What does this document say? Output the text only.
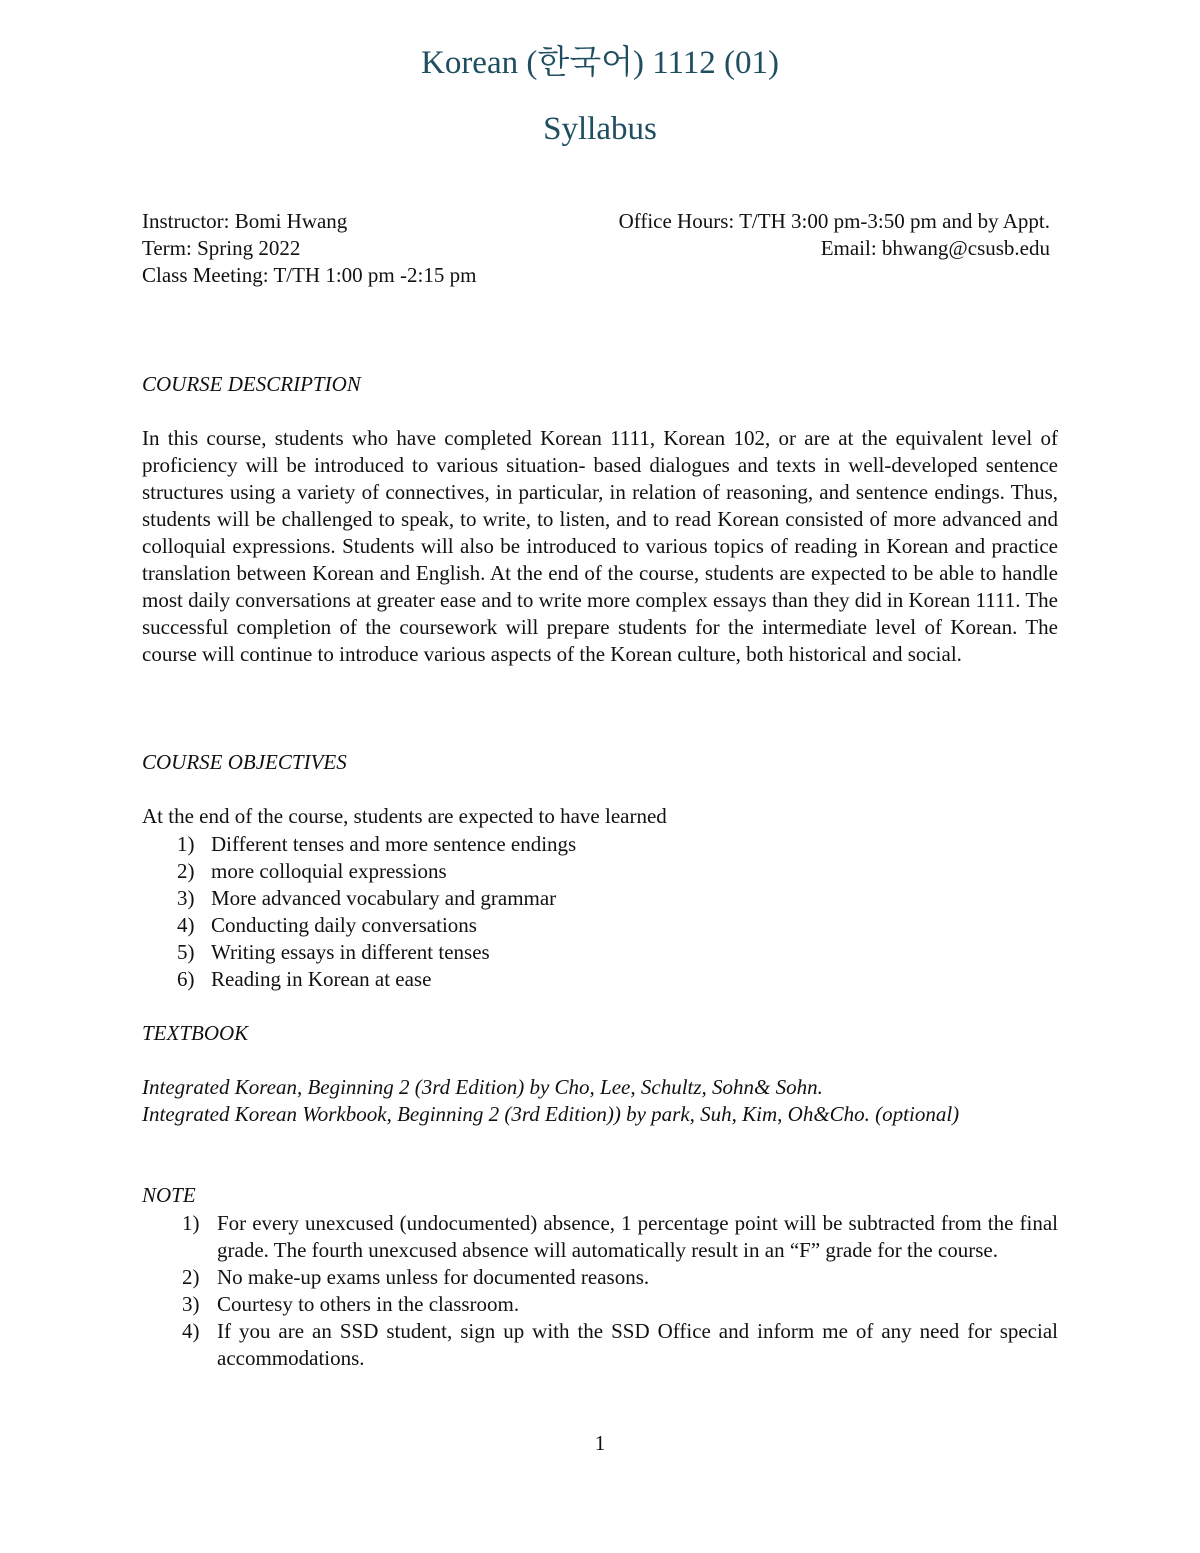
Korean (한국어) 1112 (01)
Syllabus
Instructor: Bomi Hwang
Term: Spring 2022
Class Meeting: T/TH 1:00 pm -2:15 pm
Office Hours: T/TH 3:00 pm-3:50 pm and by Appt.
Email: bhwang@csusb.edu
COURSE DESCRIPTION

In this course, students who have completed Korean 1111, Korean 102, or are at the equivalent level of proficiency will be introduced to various situation- based dialogues and texts in well-developed sentence structures using a variety of connectives, in particular, in relation of reasoning, and sentence endings. Thus, students will be challenged to speak, to write, to listen, and to read Korean consisted of more advanced and colloquial expressions. Students will also be introduced to various topics of reading in Korean and practice translation between Korean and English. At the end of the course, students are expected to be able to handle most daily conversations at greater ease and to write more complex essays than they did in Korean 1111. The successful completion of the coursework will prepare students for the intermediate level of Korean. The course will continue to introduce various aspects of the Korean culture, both historical and social.

COURSE OBJECTIVES
At the end of the course, students are expected to have learned
1) Different tenses and more sentence endings
2) more colloquial expressions
3) More advanced vocabulary and grammar
4) Conducting daily conversations
5) Writing essays in different tenses
6) Reading in Korean at ease
TEXTBOOK

Integrated Korean, Beginning 2 (3rd Edition) by Cho, Lee, Schultz, Sohn& Sohn.

Integrated Korean Workbook, Beginning 2 (3rd Edition)) by park, Suh, Kim, Oh&Cho. (optional)

NOTE
1) For every unexcused (undocumented) absence, 1 percentage point will be subtracted from the final grade. The fourth unexcused absence will automatically result in an “F” grade for the course.
2) No make-up exams unless for documented reasons.
3) Courtesy to others in the classroom.
4) If you are an SSD student, sign up with the SSD Office and inform me of any need for special accommodations.
1
